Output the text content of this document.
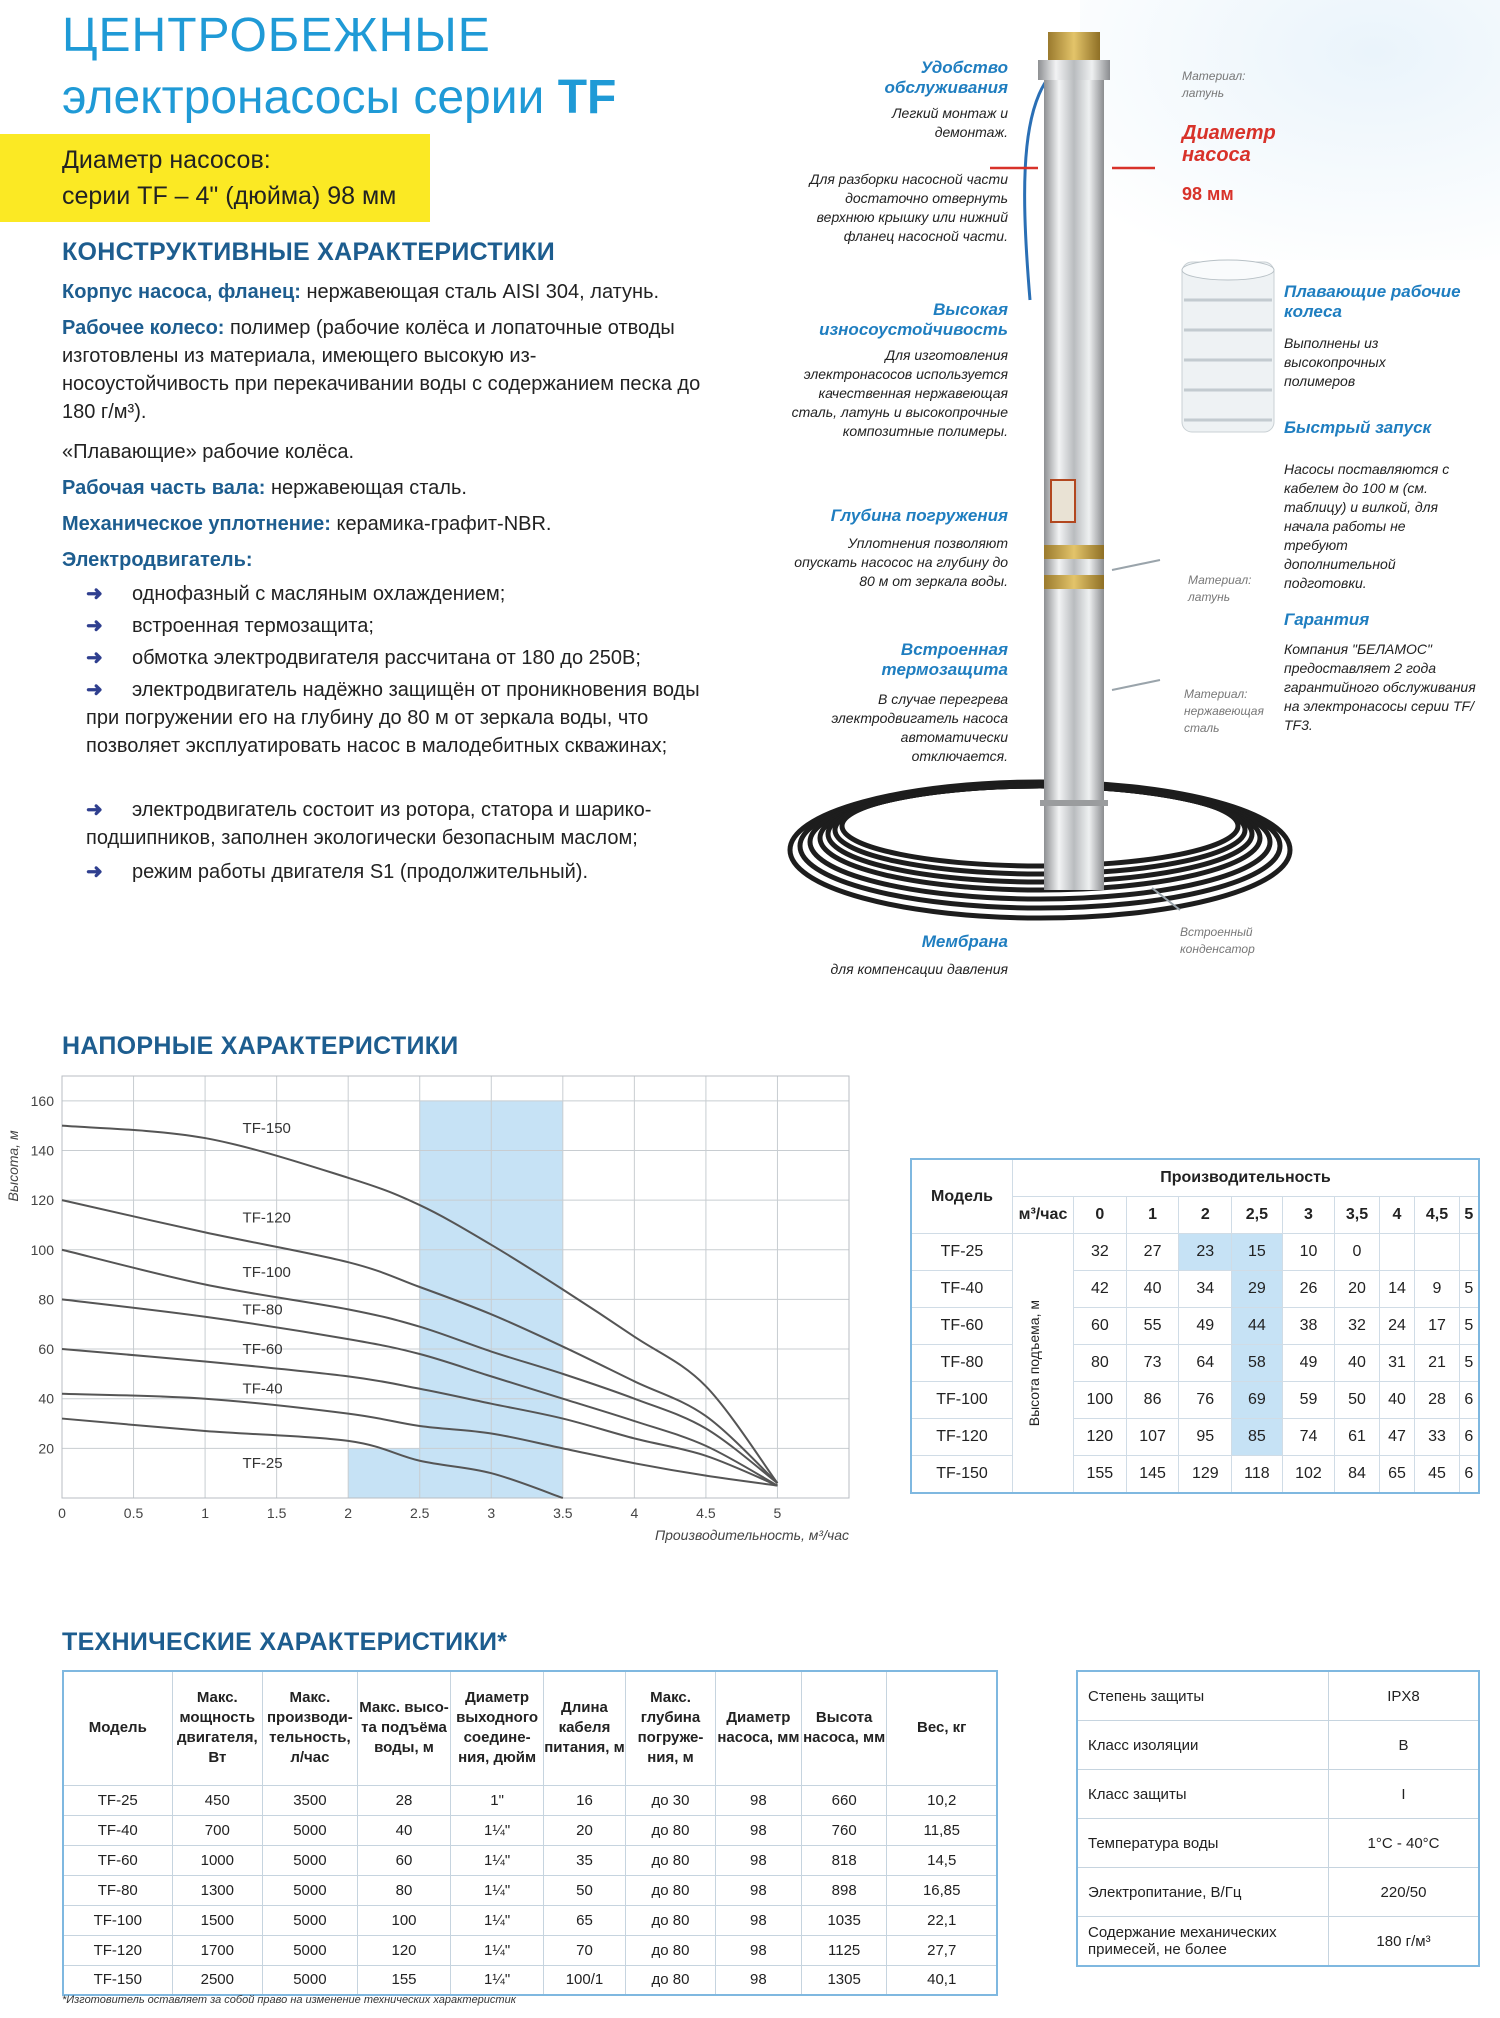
ЦЕНТРОБЕЖНЫЕ
электронасосы серии TF
Диаметр насосов:
серии TF – 4" (дюйма) 98 мм
КОНСТРУКТИВНЫЕ ХАРАКТЕРИСТИКИ
Корпус насоса, фланец: нержавеющая сталь AISI 304, латунь.
Рабочее колесо: полимер (рабочие колёса и лопаточные отводы изготовлены из материала, имеющего высокую из-носоустойчивость при перекачивании воды с содержанием песка до 180 г/м³).
«Плавающие» рабочие колёса.
Рабочая часть вала: нержавеющая сталь.
Механическое уплотнение: керамика-графит-NBR.
Электродвигатель:
➜ однофазный с масляным охлаждением;
➜ встроенная термозащита;
➜ обмотка электродвигателя рассчитана от 180 до 250В;
➜ электродвигатель надёжно защищён от проникновения воды при погружении его на глубину до 80 м от зеркала воды, что позволяет эксплуатировать насос в малодебитных скважинах;
➜ электродвигатель состоит из ротора, статора и шарико-подшипников, заполнен экологически безопасным маслом;
➜ режим работы двигателя S1 (продолжительный).
Удобство обслуживания
Легкий монтаж и демонтаж.
Для разборки насосной части достаточно отвернуть верхнюю крышку или нижний фланец насосной части.
Высокая износоустойчивость
Для изготовления электронасосов используется качественная нержавеющая сталь, латунь и высокопрочные композитные полимеры.
Глубина погружения
Уплотнения позволяют опускать насосос на глубину до 80 м от зеркала воды.
Встроенная термозащита
В случае перегрева электродвигатель насоса автоматически отключается.
Мембрана
для компенсации давления
Материал: латунь
Диаметр насоса
98 мм
Плавающие рабочие колеса
Выполнены из высокопрочных полимеров
Быстрый запуск
Насосы поставляются с кабелем до 100 м (см. таблицу) и вилкой, для начала работы не требуют дополнительной подготовки.
Материал: латунь
Гарантия
Компания "БЕЛАМОС" предоставляет 2 года гарантийного обслуживания на электронасосы серии TF/ TF3.
Материал: нержавеющая сталь
Встроенный конденсатор
НАПОРНЫЕ ХАРАКТЕРИСТИКИ
0	0.5	1	1.5	2	2.5	3	3.5	4	4.5	5
20
40
60
80
100
120
140
160
Производительность, м³/час
Высота, м
TF-150
TF-120
TF-100
TF-80
TF-60
TF-40
TF-25
Модель	Производительность									
	м³/час	0	1	2	2,5	3	3,5	4	4,5	5
TF-25	Высота подъема, м	32	27	23	15	10	0			
TF-40		42	40	34	29	26	20	14	9	5
TF-60		60	55	49	44	38	32	24	17	5
TF-80		80	73	64	58	49	40	31	21	5
TF-100		100	86	76	69	59	50	40	28	6
TF-120		120	107	95	85	74	61	47	33	6
TF-150		155	145	129	118	102	84	65	45	6
ТЕХНИЧЕСКИЕ ХАРАКТЕРИСТИКИ*
Модель	Макс. мощность двигателя, Вт	Макс. производи-тельность, л/час	Макс. высо-та подъёма воды, м	Диаметр выходного соедине-ния, дюйм	Длина кабеля питания, м	Макс. глубина погруже-ния, м	Диаметр насоса, мм	Высота насоса, мм	Вес, кг
TF-25	450	3500	28	1"	16	до 30	98	660	10,2
TF-40	700	5000	40	1¼"	20	до 80	98	760	11,85
TF-60	1000	5000	60	1¼"	35	до 80	98	818	14,5
TF-80	1300	5000	80	1¼"	50	до 80	98	898	16,85
TF-100	1500	5000	100	1¼"	65	до 80	98	1035	22,1
TF-120	1700	5000	120	1¼"	70	до 80	98	1125	27,7
TF-150	2500	5000	155	1¼"	100/1	до 80	98	1305	40,1
*Изготовитель оставляет за собой право на изменение технических характеристик
Степень защиты	IPX8
Класс изоляции	B
Класс защиты	I
Температура воды	1°С - 40°С
Электропитание, В/Гц	220/50
Содержание механических примесей, не более	180 г/м³
